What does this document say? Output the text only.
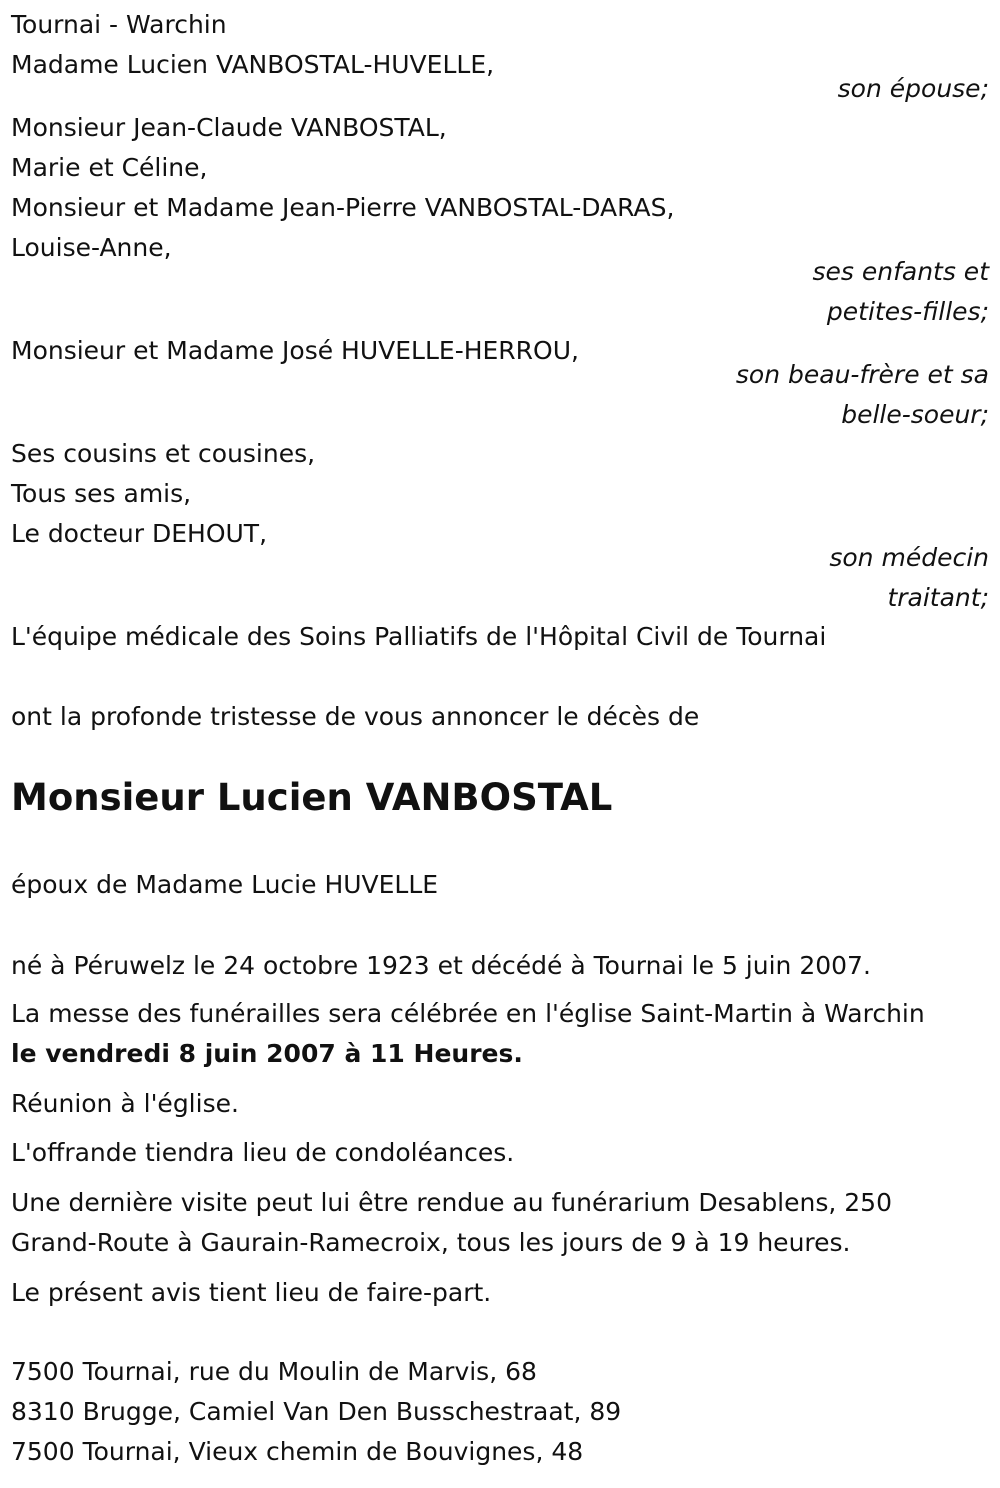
Tournai - Warchin
Madame Lucien VANBOSTAL-HUVELLE,
son épouse;
Monsieur Jean-Claude VANBOSTAL,
Marie et Céline,
Monsieur et Madame Jean-Pierre VANBOSTAL-DARAS,
Louise-Anne,
ses enfants et
petites-filles;
Monsieur et Madame José HUVELLE-HERROU,
son beau-frère et sa
belle-soeur;
Ses cousins et cousines,
Tous ses amis,
Le docteur DEHOUT,
son médecin
traitant;
L'équipe médicale des Soins Palliatifs de l'Hôpital Civil de Tournai
ont la profonde tristesse de vous annoncer le décès de
Monsieur Lucien VANBOSTAL
époux de Madame Lucie HUVELLE
né à Péruwelz le 24 octobre 1923 et décédé à Tournai le 5 juin 2007.
La messe des funérailles sera célébrée en l'église Saint-Martin à Warchin
le vendredi 8 juin 2007 à 11 Heures.
Réunion à l'église.
L'offrande tiendra lieu de condoléances.
Une dernière visite peut lui être rendue au funérarium Desablens, 250
Grand-Route à Gaurain-Ramecroix, tous les jours de 9 à 19 heures.
Le présent avis tient lieu de faire-part.
7500 Tournai, rue du Moulin de Marvis, 68
8310 Brugge, Camiel Van Den Busschestraat, 89
7500 Tournai, Vieux chemin de Bouvignes, 48
